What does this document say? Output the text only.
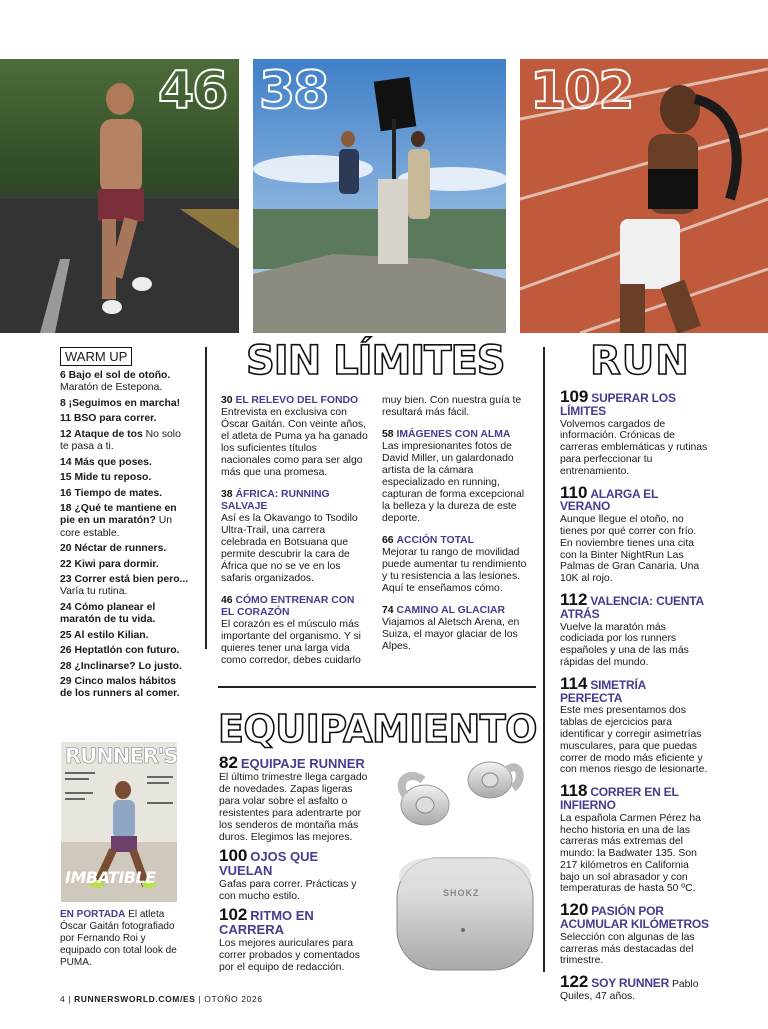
46 38	102
WARM UP
6 Bajo el sol de otoño. Maratón de Estepona.
8 ¡Seguimos en marcha!
11 BSO para correr.
12 Ataque de tos No solo te pasa a ti.
14 Más que poses.
15 Mide tu reposo.
16 Tiempo de mates.
18 ¿Qué te mantiene en pie en un maratón? Un core estable.
20 Néctar de runners.
22 Kiwi para dormir.
23 Correr está bien pero... Varía tu rutina.
24 Cómo planear el maratón de tu vida.
25 Al estilo Kilian.
26 Heptatlón con futuro.
28 ¿Inclinarse? Lo justo.
29 Cinco malos hábitos de los runners al comer.
RUNNER'S
IMBATIBLE
EN PORTADA El atleta Óscar Gaitán fotografiado por Fernando Roi y equipado con total look de PUMA.
SIN LÍMITES
30 EL RELEVO DEL FONDO
Entrevista en exclusiva con Óscar Gaitán. Con veinte años, el atleta de Puma ya ha ganado los suficientes títulos nacionales como para ser algo más que una promesa.
38 ÁFRICA: RUNNING SALVAJE
Así es la Okavango to Tsodilo Ultra-Trail, una carrera celebrada en Botsuana que permite descubrir la cara de África que no se ve en los safaris organizados.
46 CÓMO ENTRENAR CON EL CORAZÓN
El corazón es el músculo más importante del organismo. Y si quieres tener una larga vida como corredor, debes cuidarlo
muy bien. Con nuestra guía te resultará más fácil.
58 IMÁGENES CON ALMA
Las impresionantes fotos de David Miller, un galardonado artista de la cámara especializado en running, capturan de forma excepcional la belleza y la dureza de este deporte.
66 ACCIÓN TOTAL
Mejorar tu rango de movilidad puede aumentar tu rendimiento y tu resistencia a las lesiones. Aquí te enseñamos cómo.
74 CAMINO AL GLACIAR
Viajamos al Aletsch Arena, en Suiza, el mayor glaciar de los Alpes.
EQUIPAMIENTO
82 EQUIPAJE RUNNER El último trimestre llega cargado de novedades. Zapas ligeras para volar sobre el asfalto o resistentes para adentrarte por los senderos de montaña más duros. Elegimos las mejores.
100 OJOS QUE VUELAN
Gafas para correr. Prácticas y con mucho estilo.
102 RITMO EN CARRERA
Los mejores auriculares para correr probados y comentados por el equipo de redacción.
SHOKZ
RUN
109 SUPERAR LOS LÍMITES
Volvemos cargados de información. Crónicas de carreras emblemáticas y rutinas para perfeccionar tu entrenamiento.
110 ALARGA EL VERANO
Aunque llegue el otoño, no tienes por qué correr con frío. En noviembre tienes una cita con la Binter NightRun Las Palmas de Gran Canaria. Una 10K al rojo.
112 VALENCIA: CUENTA ATRÁS
Vuelve la maratón más codiciada por los runners españoles y una de las más rápidas del mundo.
114 SIMETRÍA PERFECTA
Este mes presentamos dos tablas de ejercicios para identificar y corregir asimetrías musculares, para que puedas correr de modo más eficiente y con menos riesgo de lesionarte.
118 CORRER EN EL INFIERNO
La española Carmen Pérez ha hecho historia en una de las carreras más extremas del mundo: la Badwater 135. Son 217 kilómetros en California bajo un sol abrasador y con temperaturas de hasta 50 ºC.
120 PASIÓN POR ACUMULAR KILÓMETROS Selección con algunas de las carreras más destacadas del trimestre.
122 SOY RUNNER Pablo Quiles, 47 años.
4 | RUNNERSWORLD.COM/ES | OTOÑO 2026
